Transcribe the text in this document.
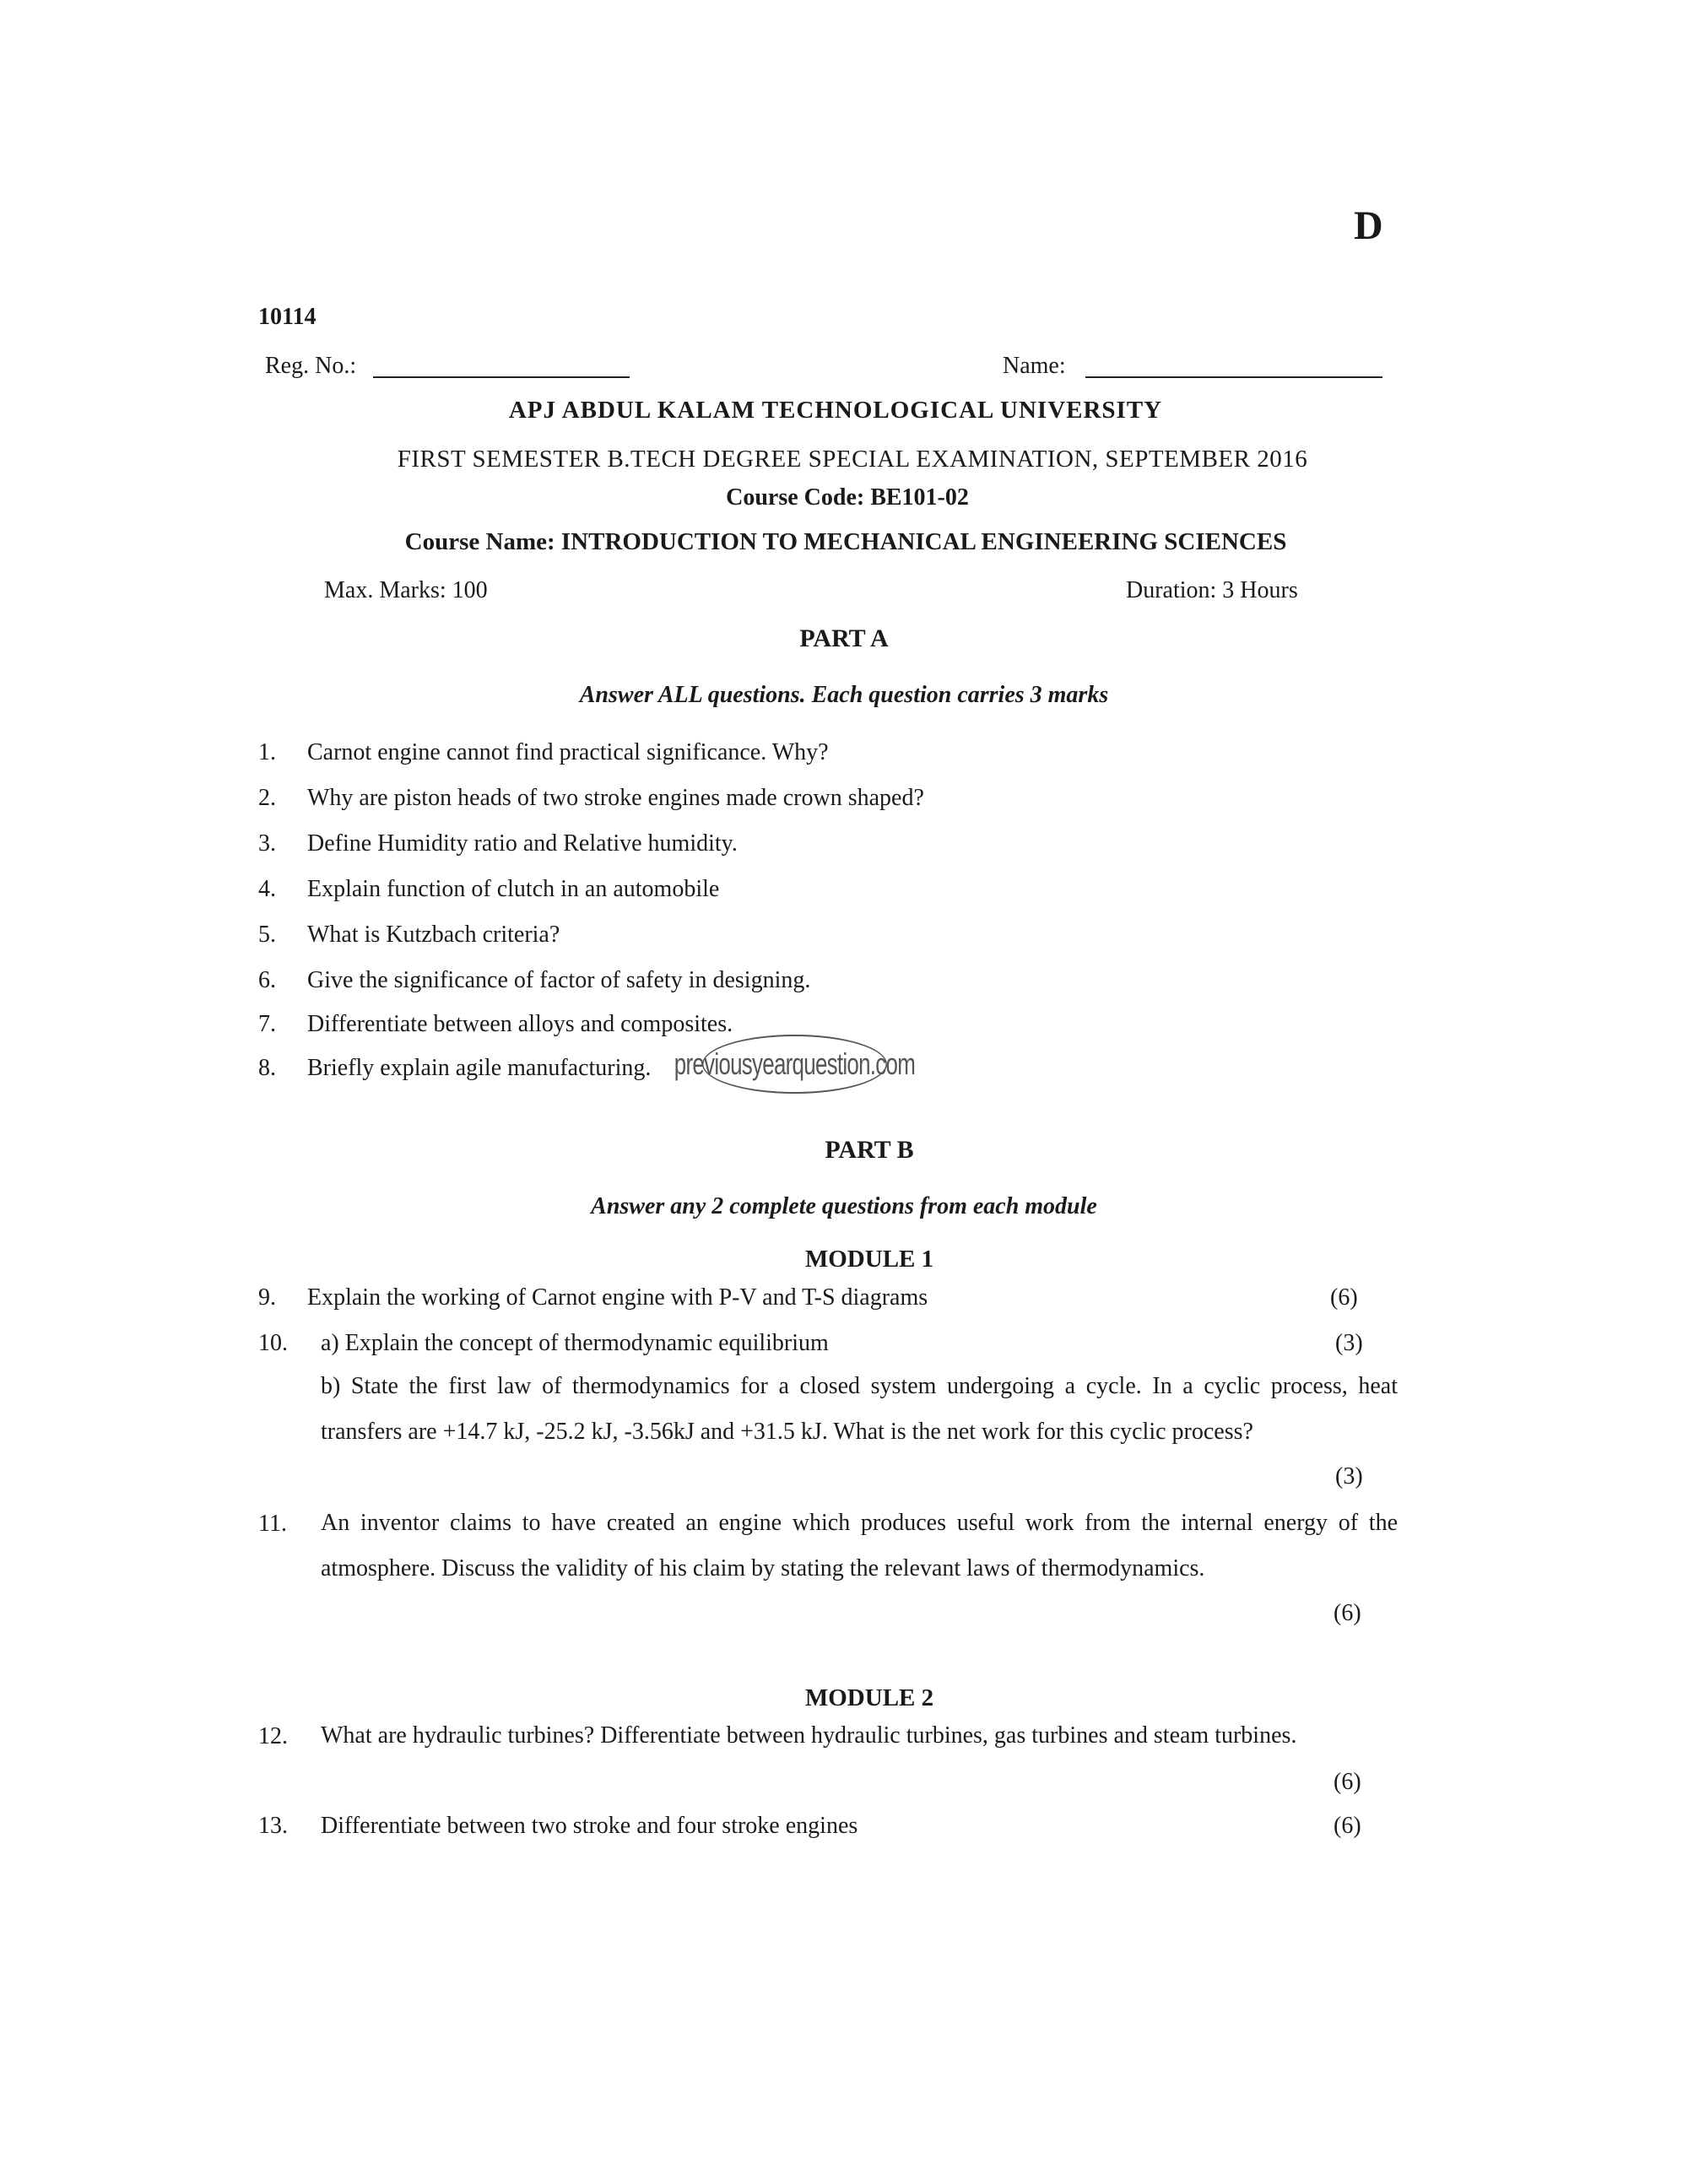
D
10114
Reg. No.:	Name:
APJ ABDUL KALAM TECHNOLOGICAL UNIVERSITY
FIRST SEMESTER B.TECH DEGREE SPECIAL EXAMINATION, SEPTEMBER 2016
Course Code: BE101-02
Course Name: INTRODUCTION TO MECHANICAL ENGINEERING SCIENCES
Max. Marks: 100	Duration: 3 Hours
PART A
Answer ALL questions. Each question carries 3 marks
1. Carnot engine cannot find practical significance. Why?
2. Why are piston heads of two stroke engines made crown shaped?
3. Define Humidity ratio and Relative humidity.
4. Explain function of clutch in an automobile
5. What is Kutzbach criteria?
6. Give the significance of factor of safety in designing.
7. Differentiate between alloys and composites.
8. Briefly explain agile manufacturing. previousyearquestion.com
PART B
Answer any 2 complete questions from each module
MODULE 1
9. Explain the working of Carnot engine with P-V and T-S diagrams	(6)
10. a) Explain the concept of thermodynamic equilibrium	(3)
b) State the first law of thermodynamics for a closed system undergoing a cycle. In a cyclic process, heat transfers are +14.7 kJ, -25.2 kJ, -3.56kJ and +31.5 kJ. What is the net work for this cyclic process?
(3)
11. An inventor claims to have created an engine which produces useful work from the internal energy of the atmosphere. Discuss the validity of his claim by stating the relevant laws of thermodynamics.
(6)
MODULE 2
12. What are hydraulic turbines? Differentiate between hydraulic turbines, gas turbines and steam turbines.
(6)
13. Differentiate between two stroke and four stroke engines	(6)
